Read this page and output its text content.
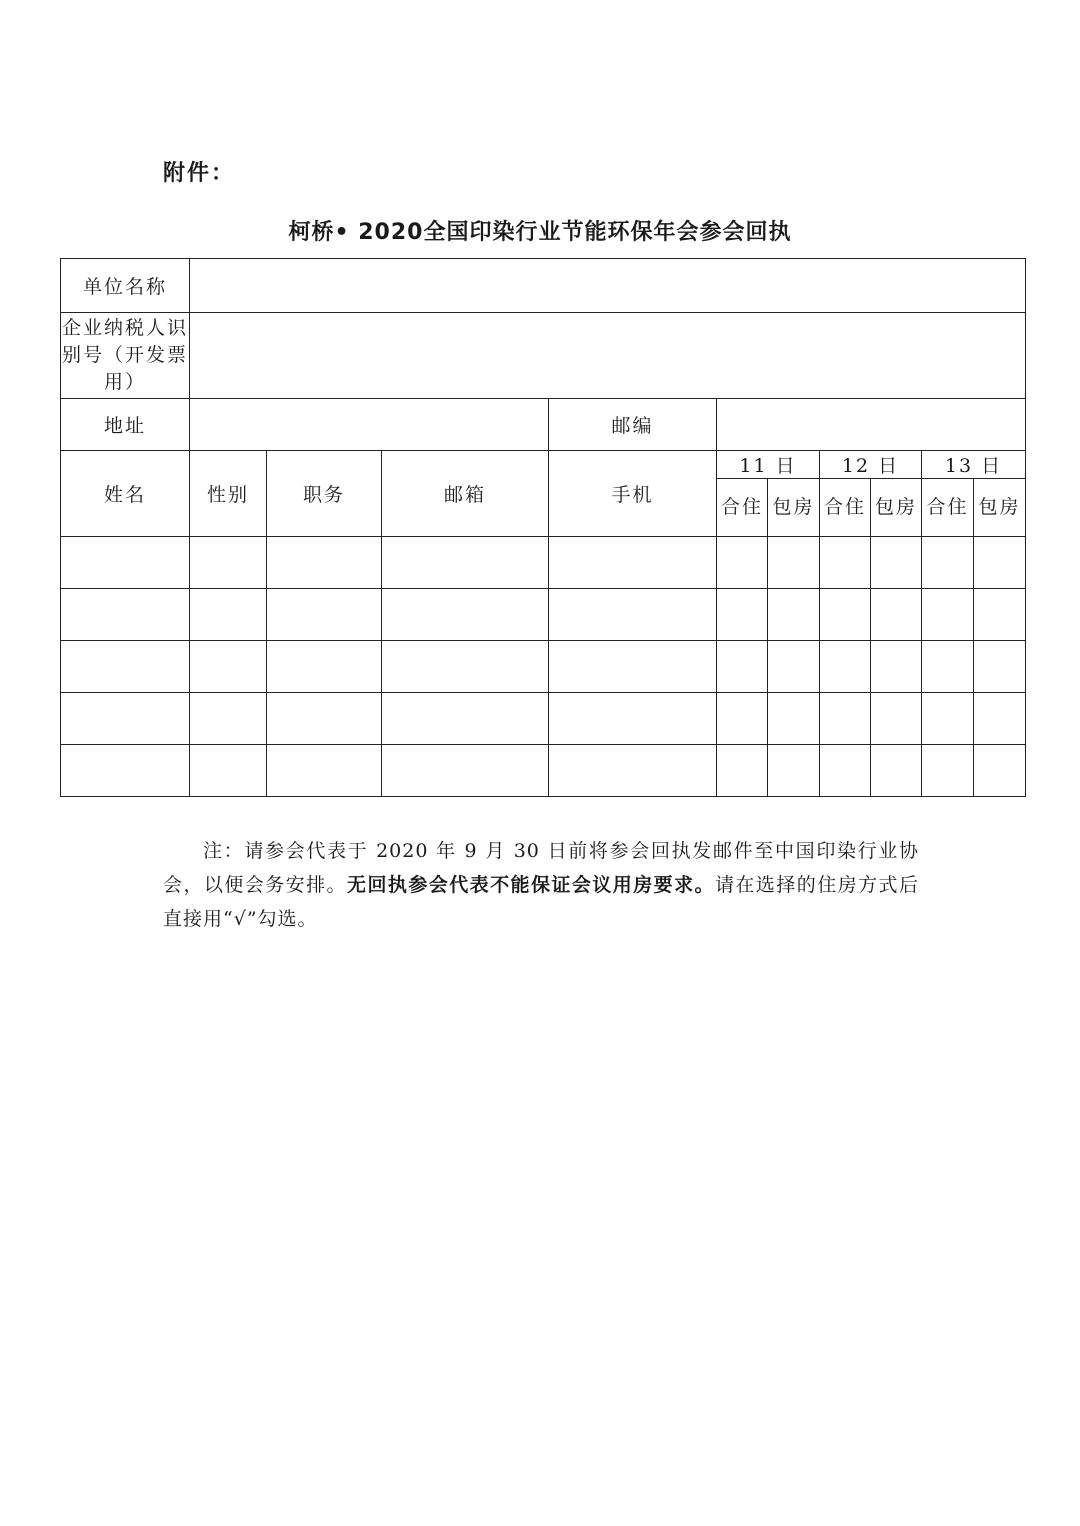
附件：
柯桥• 2020全国印染行业节能环保年会参会回执
单位名称										
企业纳税人识别号（开发票用）										
地址				邮编						
姓名	性别	职务	邮箱	手机	11 日		12 日		13 日	
					合住	包房	合住	包房	合住	包房

注：请参会代表于 2020 年 9 月 30 日前将参会回执发邮件至中国印染行业协会，以便会务安排。无回执参会代表不能保证会议用房要求。请在选择的住房方式后直接用“√”勾选。
